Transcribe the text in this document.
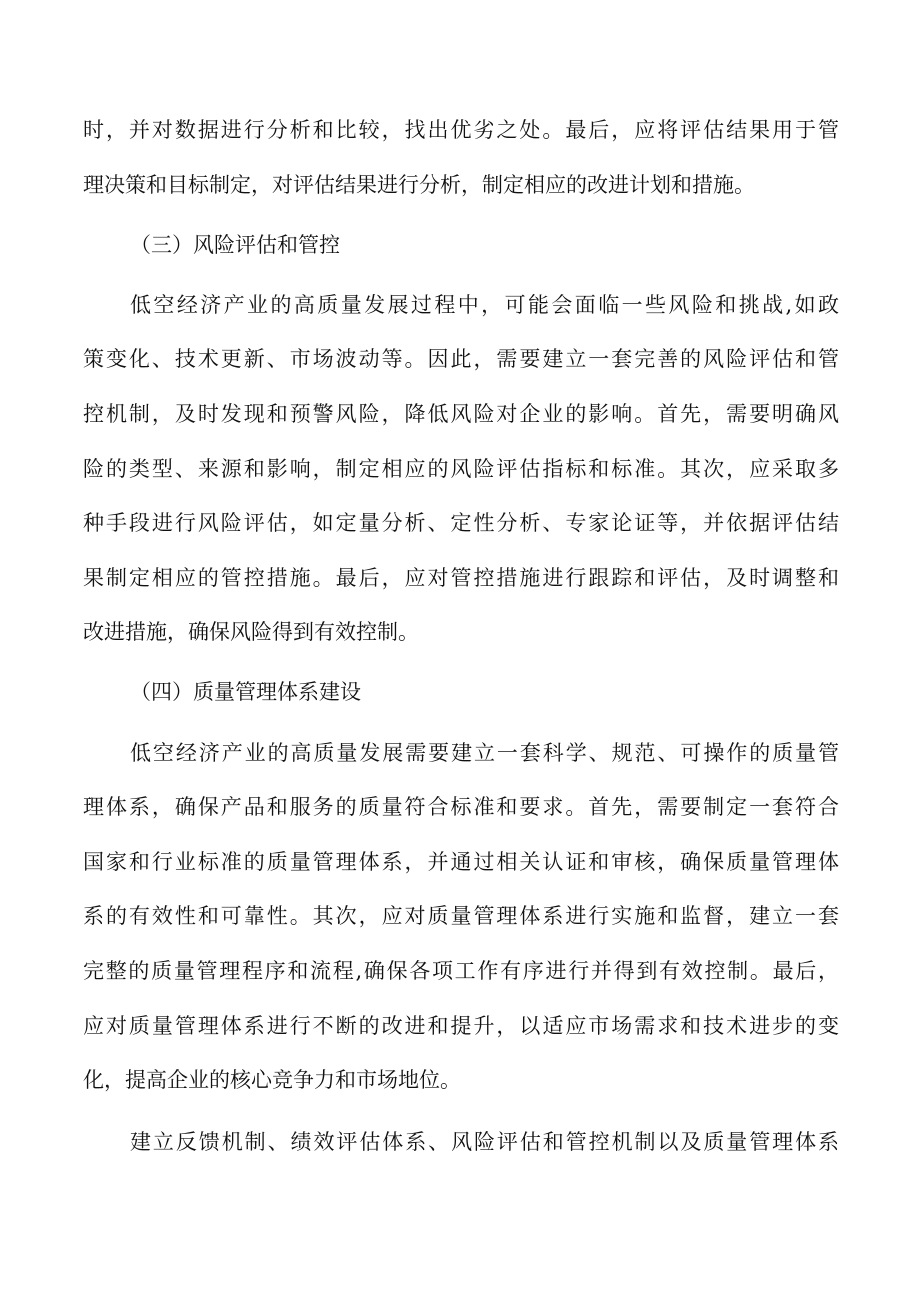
时，并对数据进行分析和比较，找出优劣之处。最后，应将评估结果用于管
理决策和目标制定，对评估结果进行分析，制定相应的改进计划和措施。
（三）风险评估和管控
低空经济产业的高质量发展过程中，可能会面临一些风险和挑战,如政
策变化、技术更新、市场波动等。因此，需要建立一套完善的风险评估和管
控机制，及时发现和预警风险，降低风险对企业的影响。首先，需要明确风
险的类型、来源和影响，制定相应的风险评估指标和标准。其次，应采取多
种手段进行风险评估，如定量分析、定性分析、专家论证等，并依据评估结
果制定相应的管控措施。最后，应对管控措施进行跟踪和评估，及时调整和
改进措施，确保风险得到有效控制。
（四）质量管理体系建设
低空经济产业的高质量发展需要建立一套科学、规范、可操作的质量管
理体系，确保产品和服务的质量符合标准和要求。首先，需要制定一套符合
国家和行业标准的质量管理体系，并通过相关认证和审核，确保质量管理体
系的有效性和可靠性。其次，应对质量管理体系进行实施和监督，建立一套
完整的质量管理程序和流程,确保各项工作有序进行并得到有效控制。最后，
应对质量管理体系进行不断的改进和提升，以适应市场需求和技术进步的变
化，提高企业的核心竞争力和市场地位。
建立反馈机制、绩效评估体系、风险评估和管控机制以及质量管理体系
